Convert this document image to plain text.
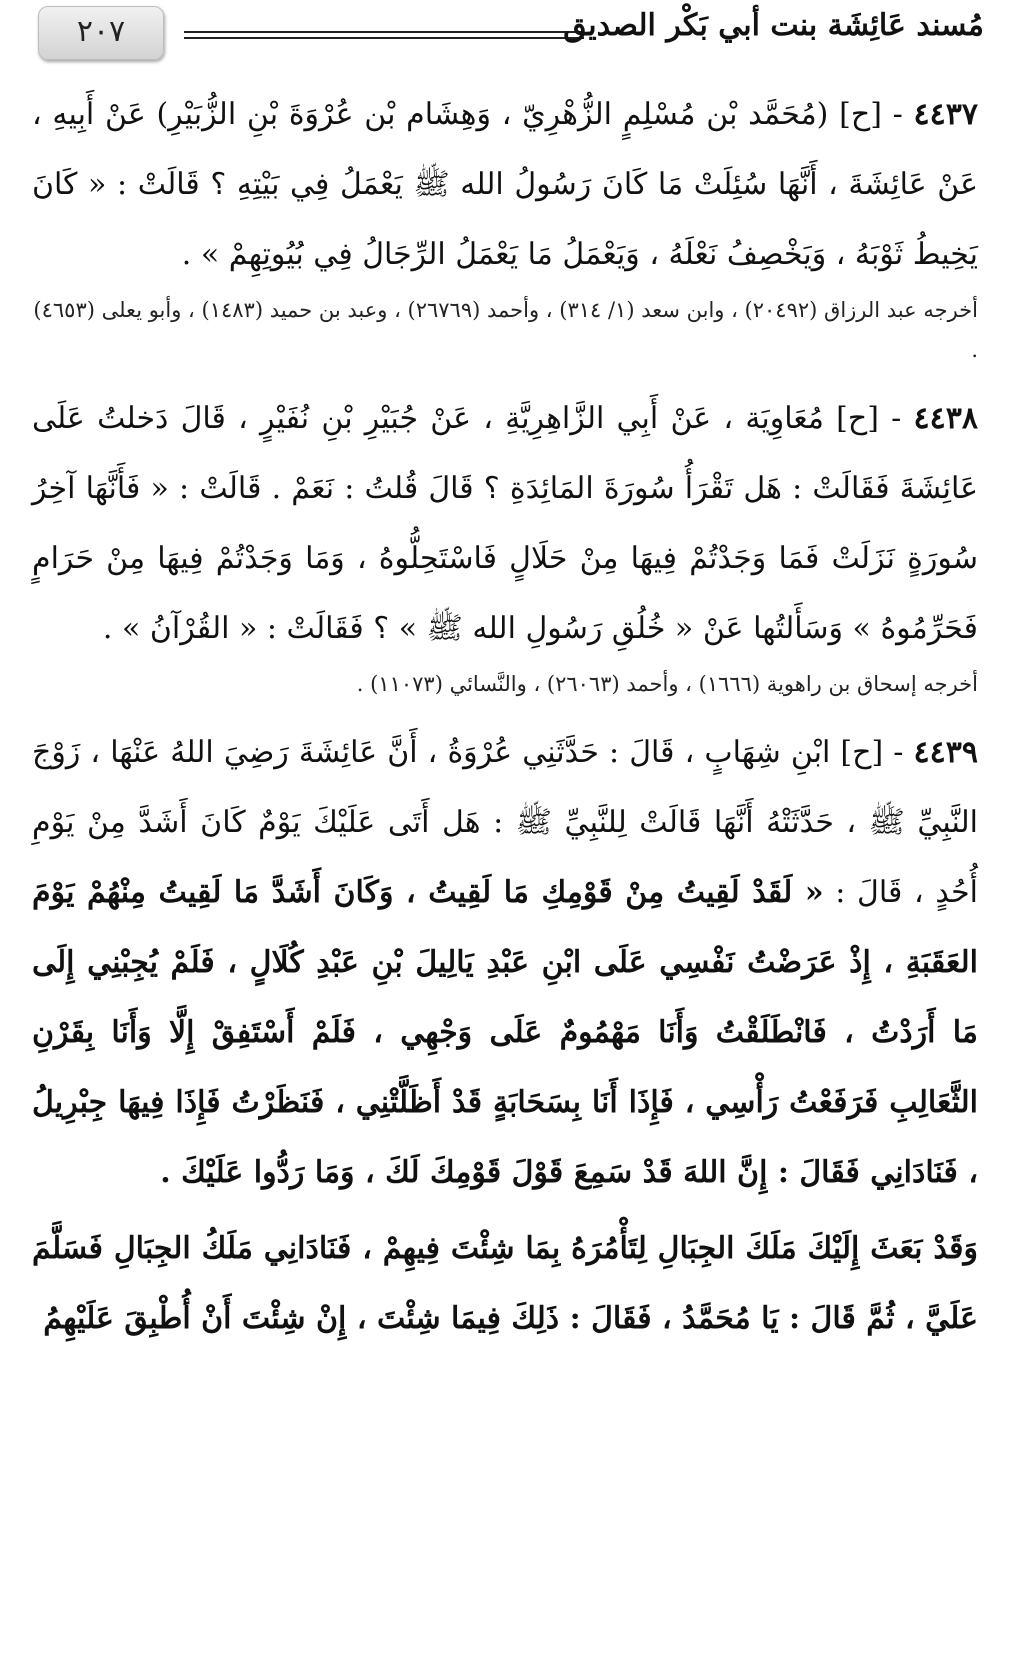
٢٠٧	مُسند عَائِشَة بنت أبي بَكْر الصديق

٤٤٣٧ - [ح] (مُحَمَّد بْن مُسْلِمٍ الزُّهْرِيّ ، وَهِشَام بْن عُرْوَةَ بْنِ الزُّبَيْرِ) عَنْ أَبِيهِ ، عَنْ عَائِشَةَ ، أَنَّهَا سُئِلَتْ مَا كَانَ رَسُولُ الله ﷺ يَعْمَلُ فِي بَيْتِهِ ؟ قَالَتْ : « كَانَ يَخِيطُ ثَوْبَهُ ، وَيَخْصِفُ نَعْلَهُ ، وَيَعْمَلُ مَا يَعْمَلُ الرِّجَالُ فِي بُيُوتِهِمْ » .

أخرجه عبد الرزاق (٢٠٤٩٢) ، وابن سعد (١/ ٣١٤) ، وأحمد (٢٦٧٦٩) ، وعبد بن حميد (١٤٨٣) ، وأبو يعلى (٤٦٥٣) .

٤٤٣٨ - [ح] مُعَاوِيَة ، عَنْ أَبِي الزَّاهِرِيَّةِ ، عَنْ جُبَيْرِ بْنِ نُفَيْرٍ ، قَالَ دَخلتُ عَلَى عَائِشَةَ فَقَالَتْ : هَل تَقْرَأُ سُورَةَ المَائِدَةِ ؟ قَالَ قُلتُ : نَعَمْ . قَالَتْ : « فَأَنَّهَا آخِرُ سُورَةٍ نَزَلَتْ فَمَا وَجَدْتُمْ فِيهَا مِنْ حَلَالٍ فَاسْتَحِلُّوهُ ، وَمَا وَجَدْتُمْ فِيهَا مِنْ حَرَامٍ فَحَرِّمُوهُ » وَسَأَلتُها عَنْ « خُلُقِ رَسُولِ الله ﷺ » ؟ فَقَالَتْ : « القُرْآنُ » .

أخرجه إسحاق بن راهوية (١٦٦٦) ، وأحمد (٢٦٠٦٣) ، والنَّسائي (١١٠٧٣) .

٤٤٣٩ - [ح] ابْنِ شِهَابٍ ، قَالَ : حَدَّثَنِي عُرْوَةُ ، أَنَّ عَائِشَةَ رَضِيَ اللهُ عَنْهَا ، زَوْجَ النَّبِيِّ ﷺ ، حَدَّثَتْهُ أَنَّهَا قَالَتْ لِلنَّبِيِّ ﷺ : هَل أَتَى عَلَيْكَ يَوْمٌ كَانَ أَشَدَّ مِنْ يَوْمِ أُحُدٍ ، قَالَ : « لَقَدْ لَقِيتُ مِنْ قَوْمِكِ مَا لَقِيتُ ، وَكَانَ أَشَدَّ مَا لَقِيتُ مِنْهُمْ يَوْمَ العَقَبَةِ ، إِذْ عَرَضْتُ نَفْسِي عَلَى ابْنِ عَبْدِ يَالِيلَ بْنِ عَبْدِ كُلَالٍ ، فَلَمْ يُجِبْنِي إِلَى مَا أَرَدْتُ ، فَانْطَلَقْتُ وَأَنَا مَهْمُومٌ عَلَى وَجْهِي ، فَلَمْ أَسْتَفِقْ إِلَّا وَأَنَا بِقَرْنِ الثَّعَالِبِ فَرَفَعْتُ رَأْسِي ، فَإِذَا أَنَا بِسَحَابَةٍ قَدْ أَظَلَّتْنِي ، فَنَظَرْتُ فَإِذَا فِيهَا جِبْرِيلُ ، فَنَادَانِي فَقَالَ : إِنَّ اللهَ قَدْ سَمِعَ قَوْلَ قَوْمِكَ لَكَ ، وَمَا رَدُّوا عَلَيْكَ .

وَقَدْ بَعَثَ إِلَيْكَ مَلَكَ الجِبَالِ لِتَأْمُرَهُ بِمَا شِئْتَ فِيهِمْ ، فَنَادَانِي مَلَكُ الجِبَالِ فَسَلَّمَ عَلَيَّ ، ثُمَّ قَالَ : يَا مُحَمَّدُ ، فَقَالَ : ذَلِكَ فِيمَا شِئْتَ ، إِنْ شِئْتَ أَنْ أُطْبِقَ عَلَيْهِمُ
